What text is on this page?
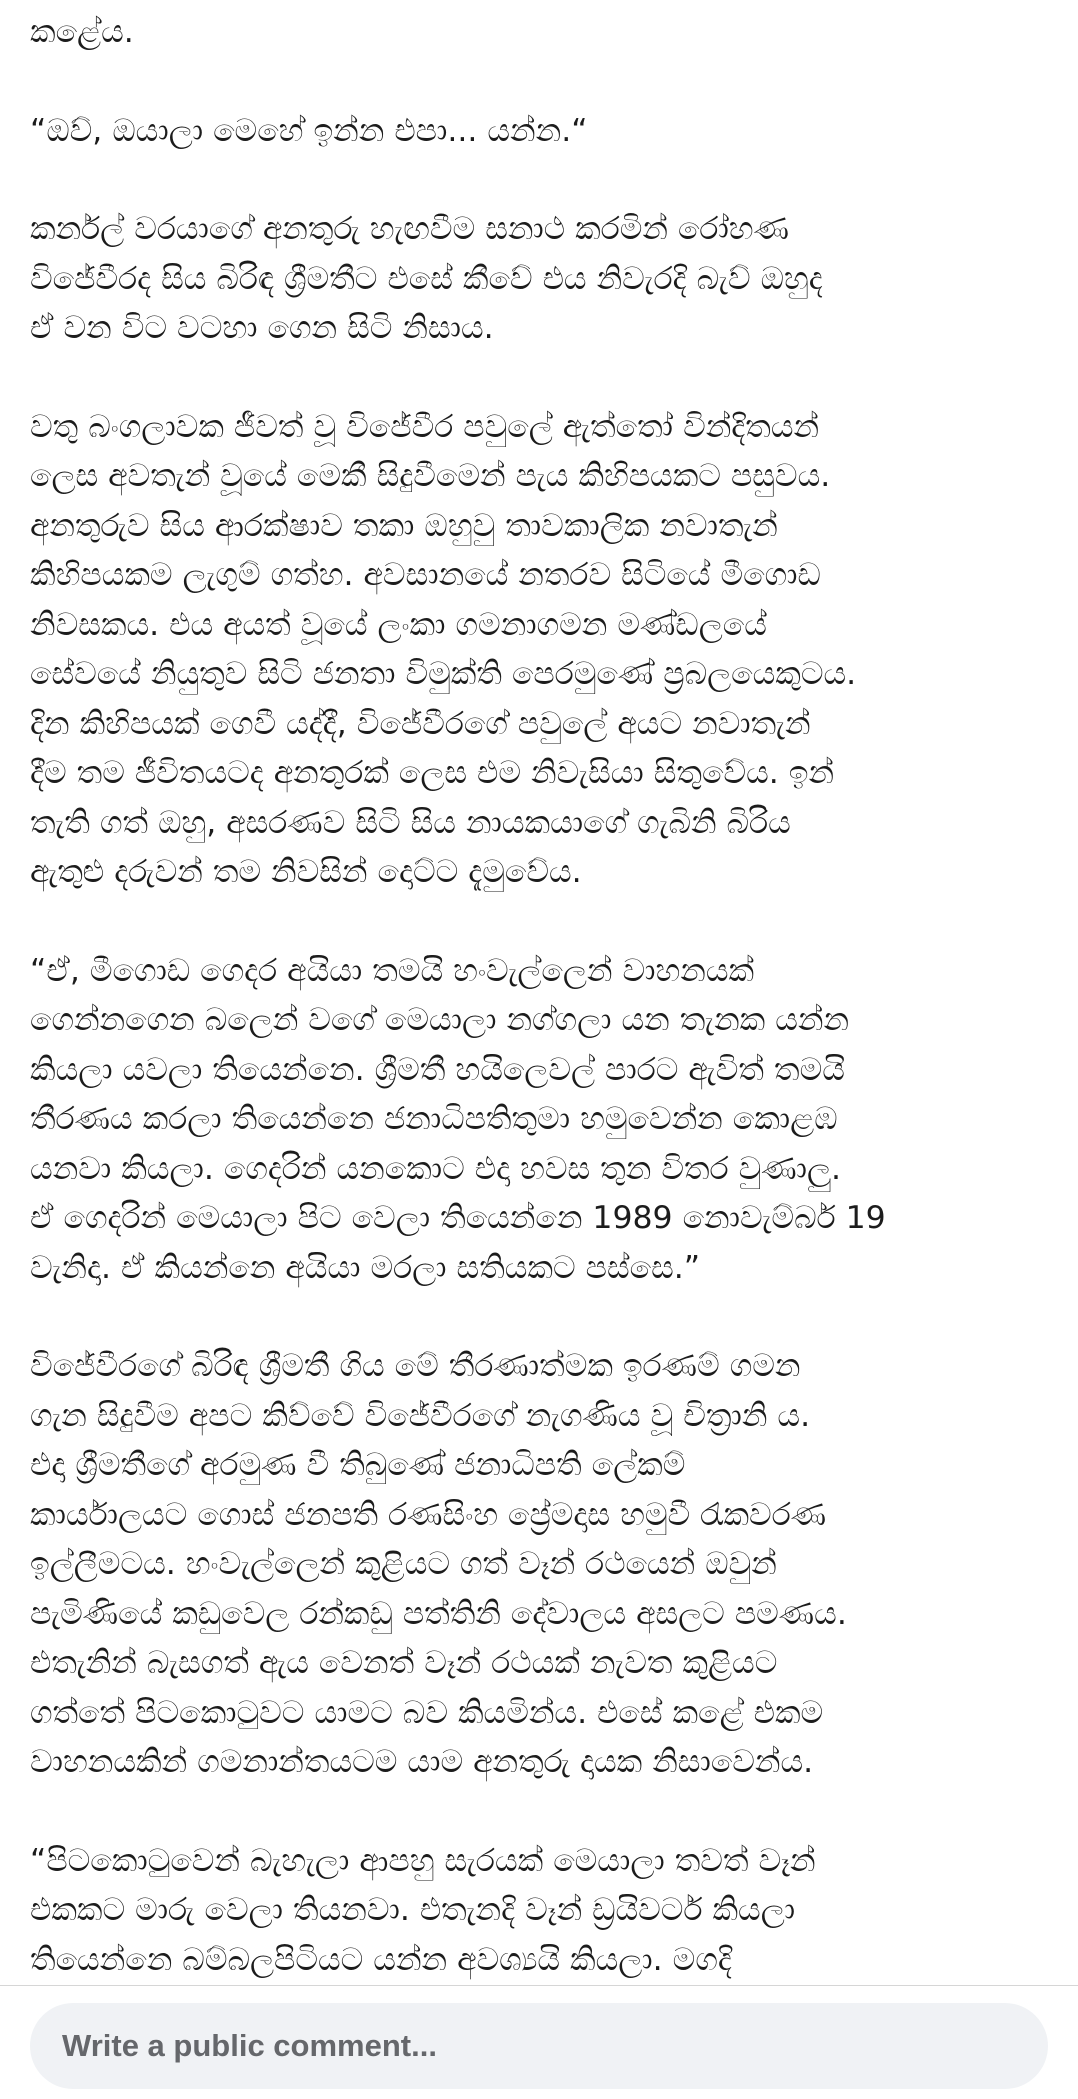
කළේය.

“ඔව්, ඔයාලා මෙහේ ඉන්න එපා... යන්න.“

කර්නල් වරයාගේ අනතුරු හැඟවීම සනාථ කරමින් රෝහණ
විජේවීරද සිය බිරිඳ ශ්‍රීමතීට එසේ කීවේ එය නිවැරදි බැව් ඔහුද
ඒ වන විට වටහා ගෙන සිටි නිසාය.

වතු බංගලාවක ජීවත් වූ විජේවීර පවුලේ ඇත්තෝ වින්දිතයන්
ලෙස අවතැන් වූයේ මෙකී සිදුවීමෙන් පැය කිහිපයකට පසුවය.
අනතුරුව සිය ආරක්ෂාව තකා ඔහුවු තාවකාලික නවාතැන්
කිහිපයකම ලැගුම් ගත්හ. අවසානයේ නතරව සිටියේ මීගොඩ
නිවසකය. එය අයත් වූයේ ලංකා ගමනාගමන මණ්ඩලයේ
සේවයේ නියුතුව සිටි ජනතා විමුක්ති පෙරමුණේ ප්‍රබලයෙකුටය.
දින කිහිපයක් ගෙවී යද්දී, විජේවීරගේ පවුලේ අයට නවාතැන්
දීම තම ජීවිතයටද අනතුරක් ලෙස එම නිවැසියා සිතුවේය. ඉන්
තැති ගත් ඔහු, අසරණව සිටි සිය නායකයාගේ ගැබිනි බිරිය
ඇතුළු දරුවන් තම නිවසින් දොට්ට දැමුවේය.

“ඒ, මීගොඩ ගෙදර අයියා තමයි හංවැල්ලෙන් වාහනයක්
ගෙන්නගෙන බලෙන් වගේ මෙයාලා නග්ගලා යන තැනක යන්න
කියලා යවලා තියෙන්නෙ. ශ්‍රීමතී හයිලෙවල් පාරට ඇවිත් තමයි
තීරණය කරලා තියෙන්නෙ ජනාධිපතිතුමා හමුවෙන්න කොළඹ
යනවා කියලා. ගෙදරින් යනකොට එදා හවස තුන විතර වුණාලු.
ඒ ගෙදරින් මෙයාලා පිට වෙලා තියෙන්නෙ 1989 නොවැම්බර් 19
වැනිදා. ඒ කියන්නෙ අයියා මරලා සතියකට පස්සෙ.”

විජේවීරගේ බිරිඳ ශ්‍රීමතී ගිය මේ තීරණාත්මක ඉරණම් ගමන
ගැන සිදුවීම අපට කිව්වේ විජේවීරගේ නැගණිය වූ චිත්‍රානි ය.
එදා ශ්‍රීමතීගේ අරමුණ වී තිබුණේ ජනාධිපති ලේකම්
කාර්යාලයට ගොස් ජනපති රණසිංහ ප්‍රේමදාස හමුවී රැකවරණ
ඉල්ලීමටය. හංවැල්ලෙන් කුළියට ගත් වෑන් රථයෙන් ඔවුන්
පැමිණියේ කඩුවෙල රන්කඩු පත්තිනි දේවාලය අසලට පමණය.
එතැනින් බැසගත් ඇය වෙනත් වෑන් රථයක් නැවත කුළියට
ගත්තේ පිටකොටුවට යාමට බව කියමින්ය. එසේ කළේ එකම
වාහනයකින් ගමනාන්තයටම යාම අනතුරු දායක නිසාවෙන්ය.

“පිටකොටුවෙන් බැහැලා ආපහු සැරයක් මෙයාලා තවත් වෑන්
එකකට මාරු වෙලා තියනවා. එතැනදි වෑන් ඩ්‍රයිවර්ට කියලා
තියෙන්නෙ බම්බලපිටියට යන්න අවශ්‍යයි කියලා. මගදි

Write a public comment...
